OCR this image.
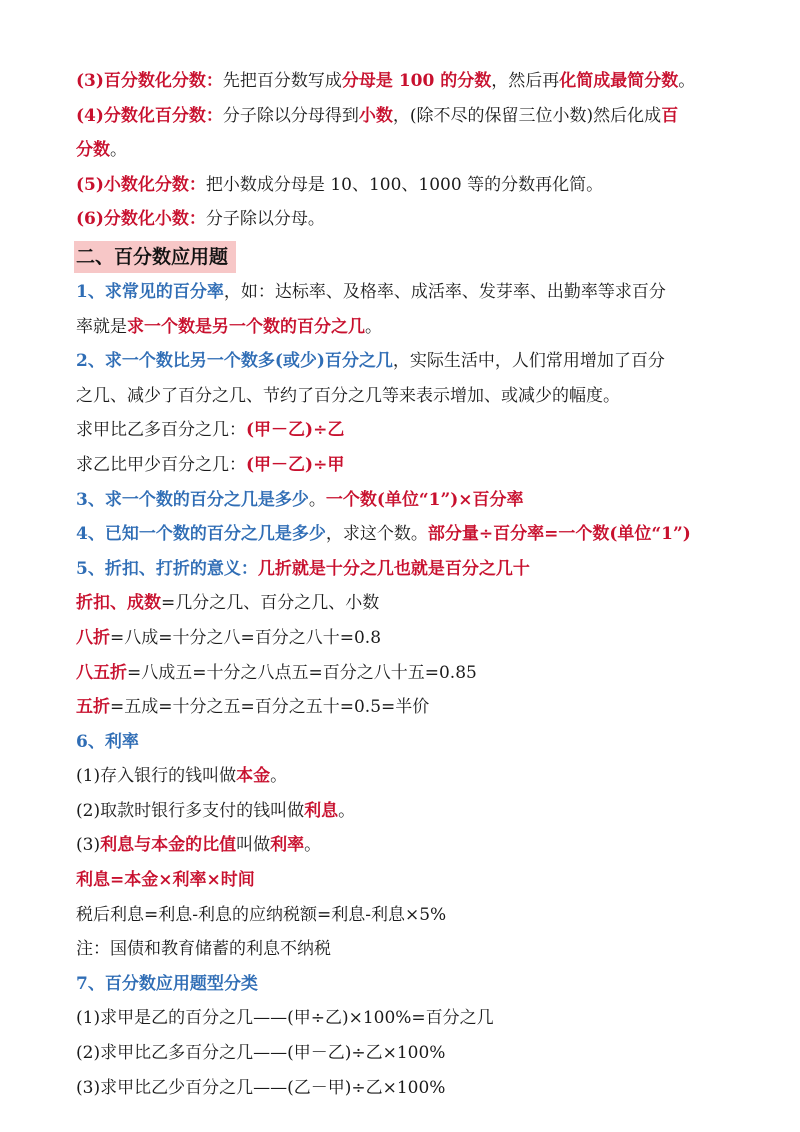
(3)百分数化分数：先把百分数写成分母是 100 的分数，然后再化简成最简分数。
(4)分数化百分数：分子除以分母得到小数，(除不尽的保留三位小数)然后化成百
分数。
(5)小数化分数：把小数成分母是 10、100、1000 等的分数再化简。
(6)分数化小数：分子除以分母。
二、百分数应用题
1、求常见的百分率，如：达标率、及格率、成活率、发芽率、出勤率等求百分
率就是求一个数是另一个数的百分之几。
2、求一个数比另一个数多(或少)百分之几，实际生活中，人们常用增加了百分
之几、减少了百分之几、节约了百分之几等来表示增加、或减少的幅度。
求甲比乙多百分之几：(甲－乙)÷乙
求乙比甲少百分之几：(甲－乙)÷甲
3、求一个数的百分之几是多少。一个数(单位“1”)×百分率
4、已知一个数的百分之几是多少，求这个数。部分量÷百分率=一个数(单位“1”)
5、折扣、打折的意义：几折就是十分之几也就是百分之几十
折扣、成数=几分之几、百分之几、小数
八折=八成=十分之八=百分之八十=0.8
八五折=八成五=十分之八点五=百分之八十五=0.85
五折=五成=十分之五=百分之五十=0.5=半价
6、利率
(1)存入银行的钱叫做本金。
(2)取款时银行多支付的钱叫做利息。
(3)利息与本金的比值叫做利率。
利息=本金×利率×时间
税后利息=利息-利息的应纳税额=利息-利息×5%
注：国债和教育储蓄的利息不纳税
7、百分数应用题型分类
(1)求甲是乙的百分之几——(甲÷乙)×100%=百分之几
(2)求甲比乙多百分之几——(甲－乙)÷乙×100%
(3)求甲比乙少百分之几——(乙－甲)÷乙×100%
